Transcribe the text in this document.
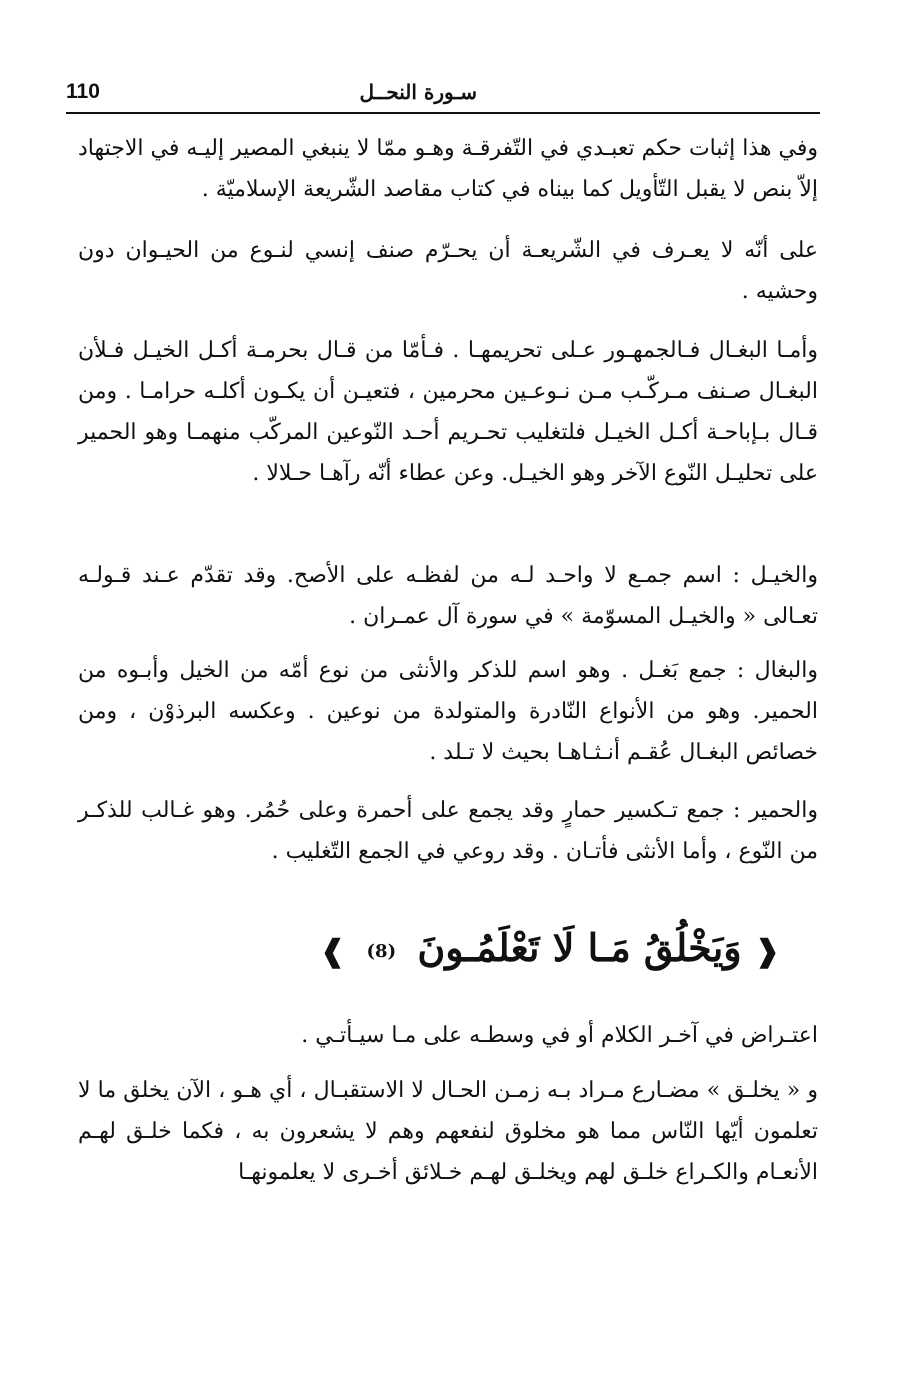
110	سـورة النحــل

وفي هذا إثبات حكم تعبـدي في التّفرقـة وهـو ممّا لا ينبغي المصير إليـه في الاجتهاد إلاّ بنص لا يقبل التّأويل كما بيناه في كتاب مقاصد الشّريعة الإسلاميّة .

على أنّه لا يعـرف في الشّريعـة أن يحـرّم صنف إنسي لنـوع من الحيـوان دون وحشيه .

وأمـا البغـال فـالجمهـور عـلى تحريمهـا . فـأمّا من قـال بحرمـة أكـل الخيـل فـلأن البغـال صـنف مـركّـب مـن نـوعـين محرمين ، فتعيـن أن يكـون أكلـه حرامـا . ومن قـال بـإباحـة أكـل الخيـل فلتغليب تحـريم أحـد النّوعين المركّب منهمـا وهو الحمير على تحليـل النّوع الآخر وهو الخيـل. وعن عطاء أنّه رآهـا حـلالا .

والخيـل : اسم جمـع لا واحـد لـه من لفظـه على الأصح. وقد تقدّم عـند قـولـه تعـالى « والخيـل المسوّمة » في سورة آل عمـران .

والبغال : جمع بَغـل . وهو اسم للذكر والأنثى من نوع أمّه من الخيل وأبـوه من الحمير. وهو من الأنواع النّادرة والمتولدة من نوعين . وعكسه البرذوْن ، ومن خصائص البغـال عُقـم أنـثـاهـا بحيث لا تـلد .

والحمير : جمع تـكسير حمارٍ وقد يجمع على أحمرة وعلى حُمُر. وهو غـالب للذكـر من النّوع ، وأما الأنثى فأتـان . وقد روعي في الجمع التّغليب .

❰ وَيَخْلُقُ مَـا لَا تَعْلَمُـونَ (8) ❱

اعتـراض في آخـر الكلام أو في وسطـه على مـا سيـأتـي .

و « يخلـق » مضـارع مـراد بـه زمـن الحـال لا الاستقبـال ، أي هـو ، الآن يخلق ما لا تعلمون أيّها النّاس مما هو مخلوق لنفعهم وهم لا يشعرون به ، فكما خلـق لهـم الأنعـام والكـراع خلـق لهم ويخلـق لهـم خـلائق أخـرى لا يعلمونهـا
